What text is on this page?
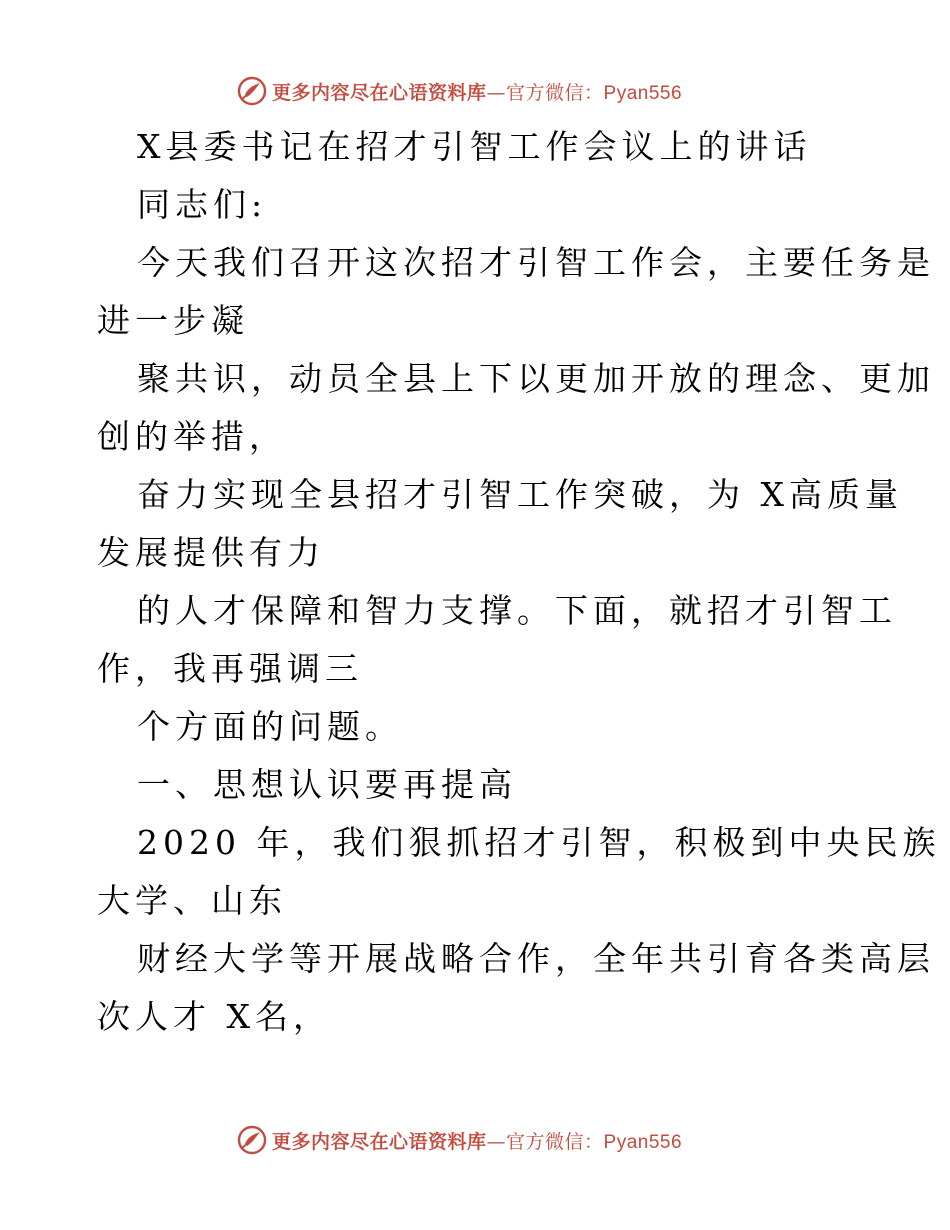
更多内容尽在心语资料库—官方微信：Pyan556
X县委书记在招才引智工作会议上的讲话
同志们:
今天我们召开这次招才引智工作会，主要任务是
进一步凝
聚共识，动员全县上下以更加开放的理念、更加
创的举措，
奋力实现全县招才引智工作突破，为 X高质量
发展提供有力
的人才保障和智力支撑。下面，就招才引智工
作，我再强调三
个方面的问题。
一、思想认识要再提高
2020 年，我们狠抓招才引智，积极到中央民族
大学、山东
财经大学等开展战略合作，全年共引育各类高层
次人才 X名，
更多内容尽在心语资料库—官方微信：Pyan556
